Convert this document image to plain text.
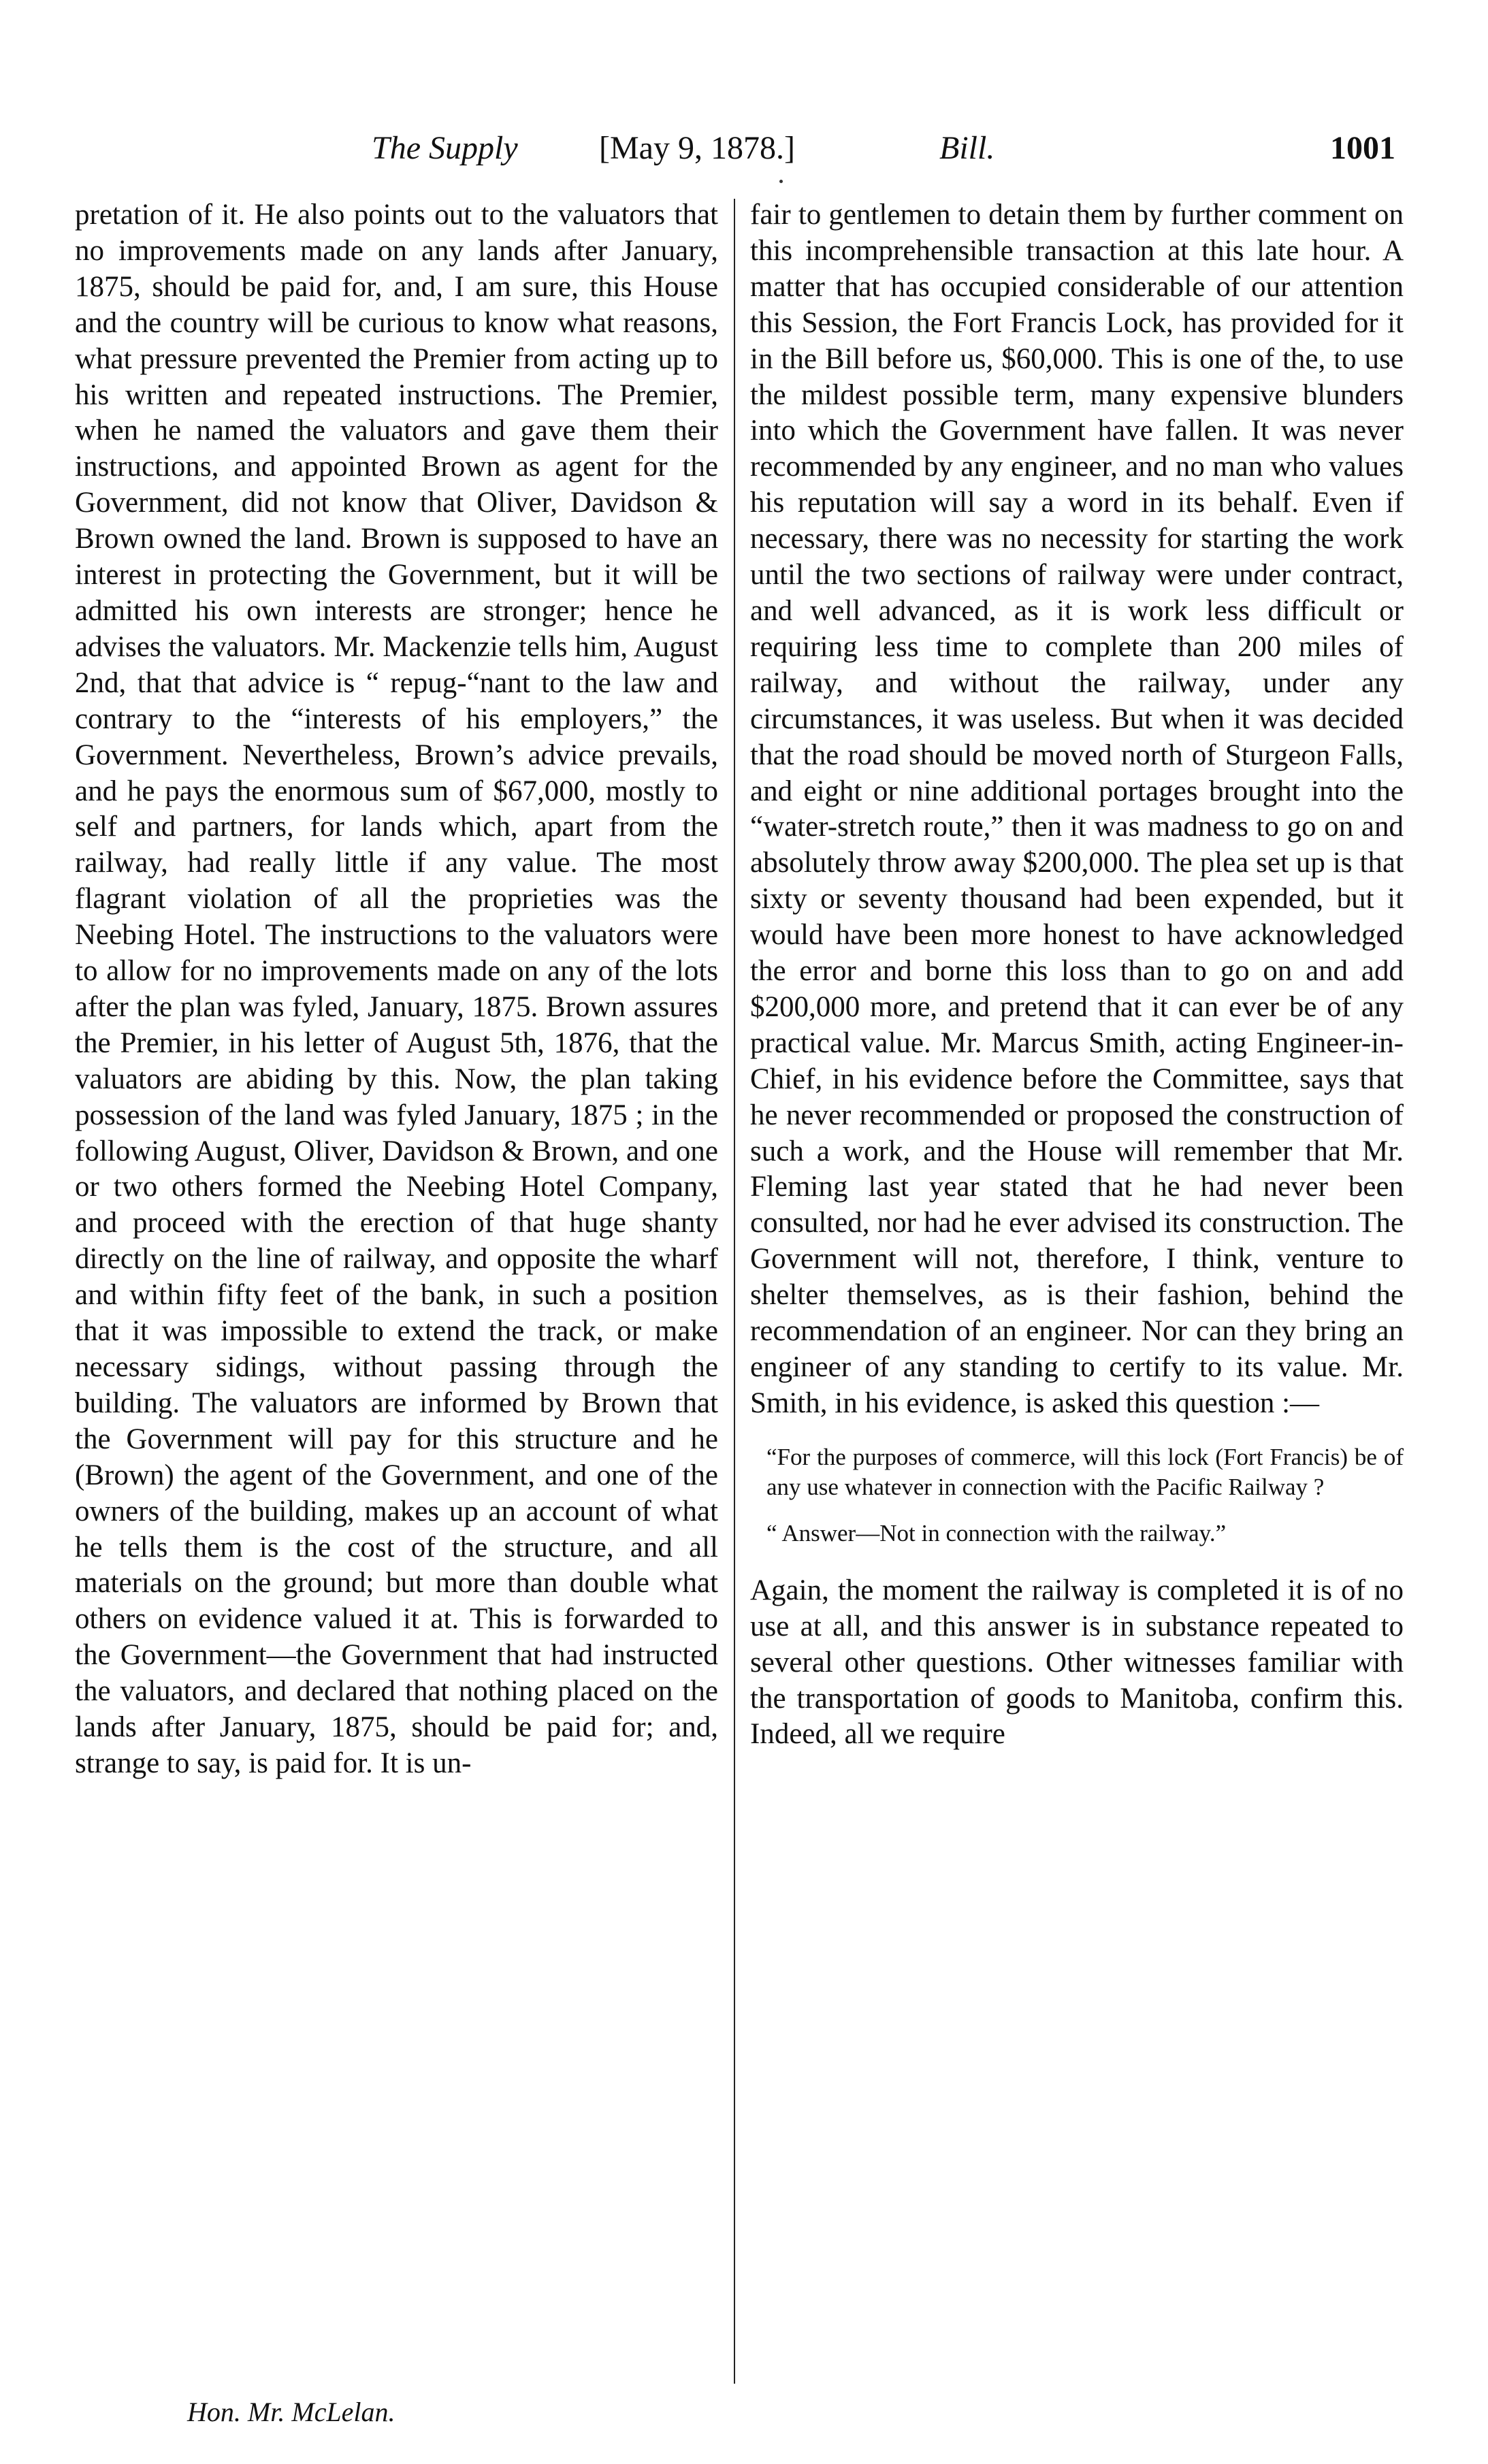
The Supply [May 9, 1878.]	Bill.	1001

pretation of it. He also points out to the valuators that no improvements made on any lands after January, 1875, should be paid for, and, I am sure, this House and the country will be curious to know what reasons, what pressure prevented the Premier from acting up to his written and repeated instructions. The Premier, when he named the valuators and gave them their instructions, and appointed Brown as agent for the Government, did not know that Oliver, Davidson & Brown owned the land. Brown is supposed to have an interest in protecting the Government, but it will be admitted his own interests are stronger; hence he advises the valuators. Mr. Mackenzie tells him, August 2nd, that that advice is “ repug-“nant to the law and contrary to the “interests of his employers,” the Government. Nevertheless, Brown’s advice prevails, and he pays the enormous sum of $67,000, mostly to self and partners, for lands which, apart from the railway, had really little if any value. The most flagrant violation of all the proprieties was the Neebing Hotel. The instructions to the valuators were to allow for no improvements made on any of the lots after the plan was fyled, January, 1875. Brown assures the Premier, in his letter of August 5th, 1876, that the valuators are abiding by this. Now, the plan taking possession of the land was fyled January, 1875 ; in the following August, Oliver, Davidson & Brown, and one or two others formed the Neebing Hotel Company, and proceed with the erection of that huge shanty directly on the line of railway, and opposite the wharf and within fifty feet of the bank, in such a position that it was impossible to extend the track, or make necessary sidings, without passing through the building. The valuators are informed by Brown that the Government will pay for this structure and he (Brown) the agent of the Government, and one of the owners of the building, makes up an account of what he tells them is the cost of the structure, and all materials on the ground; but more than double what others on evidence valued it at. This is forwarded to the Government—the Government that had instructed the valuators, and declared that nothing placed on the lands after January, 1875, should be paid for; and, strange to say, is paid for. It is un-

fair to gentlemen to detain them by further comment on this incomprehensible transaction at this late hour. A matter that has occupied considerable of our attention this Session, the Fort Francis Lock, has provided for it in the Bill before us, $60,000. This is one of the, to use the mildest possible term, many expensive blunders into which the Government have fallen. It was never recommended by any engineer, and no man who values his reputation will say a word in its behalf. Even if necessary, there was no necessity for starting the work until the two sections of railway were under contract, and well advanced, as it is work less difficult or requiring less time to complete than 200 miles of railway, and without the railway, under any circumstances, it was useless. But when it was decided that the road should be moved north of Sturgeon Falls, and eight or nine additional portages brought into the “water-stretch route,” then it was madness to go on and absolutely throw away $200,000. The plea set up is that sixty or seventy thousand had been expended, but it would have been more honest to have acknowledged the error and borne this loss than to go on and add $200,000 more, and pretend that it can ever be of any practical value. Mr. Marcus Smith, acting Engineer-in-Chief, in his evidence before the Committee, says that he never recommended or proposed the construction of such a work, and the House will remember that Mr. Fleming last year stated that he had never been consulted, nor had he ever advised its construction. The Government will not, therefore, I think, venture to shelter themselves, as is their fashion, behind the recommendation of an engineer. Nor can they bring an engineer of any standing to certify to its value. Mr. Smith, in his evidence, is asked this question :—

“For the purposes of commerce, will this lock (Fort Francis) be of any use whatever in connection with the Pacific Railway ?

“ Answer—Not in connection with the railway.”

Again, the moment the railway is completed it is of no use at all, and this answer is in substance repeated to several other questions. Other witnesses familiar with the transportation of goods to Manitoba, confirm this. Indeed, all we require

Hon. Mr. McLelan.
